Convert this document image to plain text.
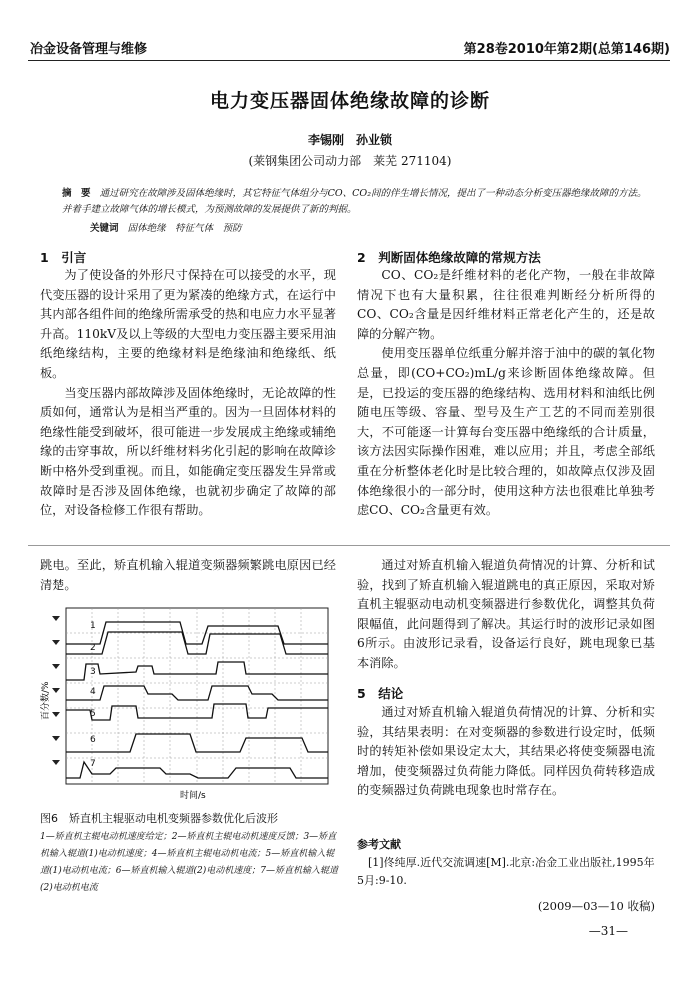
冶金设备管理与维修	第28卷2010年第2期(总第146期)
电力变压器固体绝缘故障的诊断
李锡刚　孙业锁
(莱钢集团公司动力部　莱芜 271104)
摘　要 通过研究在故障涉及固体绝缘时，其它特征气体组分与CO、CO₂间的伴生增长情况，提出了一种动态分析变压器绝缘故障的方法。并着手建立故障气体的增长模式，为预测故障的发展提供了新的判据。
关键词 固体绝缘　特征气体　预防
1　引言

为了使设备的外形尺寸保持在可以接受的水平，现代变压器的设计采用了更为紧凑的绝缘方式，在运行中其内部各组件间的绝缘所需承受的热和电应力水平显著升高。110kV及以上等级的大型电力变压器主要采用油纸绝缘结构，主要的绝缘材料是绝缘油和绝缘纸、纸板。

当变压器内部故障涉及固体绝缘时，无论故障的性质如何，通常认为是相当严重的。因为一旦固体材料的绝缘性能受到破坏，很可能进一步发展成主绝缘或辅绝缘的击穿事故，所以纤维材料劣化引起的影响在故障诊断中格外受到重视。而且，如能确定变压器发生异常或故障时是否涉及固体绝缘，也就初步确定了故障的部位，对设备检修工作很有帮助。

2　判断固体绝缘故障的常规方法

CO、CO₂是纤维材料的老化产物，一般在非故障情况下也有大量积累，往往很难判断经分析所得的CO、CO₂含量是因纤维材料正常老化产生的，还是故障的分解产物。

使用变压器单位纸重分解并溶于油中的碳的氧化物总量，即(CO+CO₂)mL/g来诊断固体绝缘故障。但是，已投运的变压器的绝缘结构、选用材料和油纸比例随电压等级、容量、型号及生产工艺的不同而差别很大，不可能逐一计算每台变压器中绝缘纸的合计质量，该方法因实际操作困难，难以应用；并且，考虑全部纸重在分析整体老化时是比较合理的，如故障点仅涉及固体绝缘很小的一部分时，使用这种方法也很难比单独考虑CO、CO₂含量更有效。

跳电。至此，矫直机输入辊道变频器频繁跳电原因已经清楚。

1
2
3
4
5
6
7
百分数/%
时间/s
图6　矫直机主辊驱动电机变频器参数优化后波形
1—矫直机主辊电动机速度给定；2—矫直机主辊电动机速度反馈；3—矫直机输入辊道(1)电动机速度；4—矫直机主辊电动机电流；5—矫直机输入辊道(1)电动机电流；6—矫直机输入辊道(2)电动机速度；7—矫直机输入辊道(2)电动机电流

通过对矫直机输入辊道负荷情况的计算、分析和试验，找到了矫直机输入辊道跳电的真正原因，采取对矫直机主辊驱动电动机变频器进行参数优化，调整其负荷限幅值，此问题得到了解决。其运行时的波形记录如图6所示。由波形记录看，设备运行良好，跳电现象已基本消除。

5　结论

通过对矫直机输入辊道负荷情况的计算、分析和实验，其结果表明：在对变频器的参数进行设定时，低频时的转矩补偿如果设定太大，其结果必将使变频器电流增加，使变频器过负荷能力降低。同样因负荷转移造成的变频器过负荷跳电现象也时常存在。

参考文献
[1]佟纯厚.近代交流调速[M].北京:冶金工业出版社,1995年5月:9-10.
(2009—03—10 收稿)
—31—
